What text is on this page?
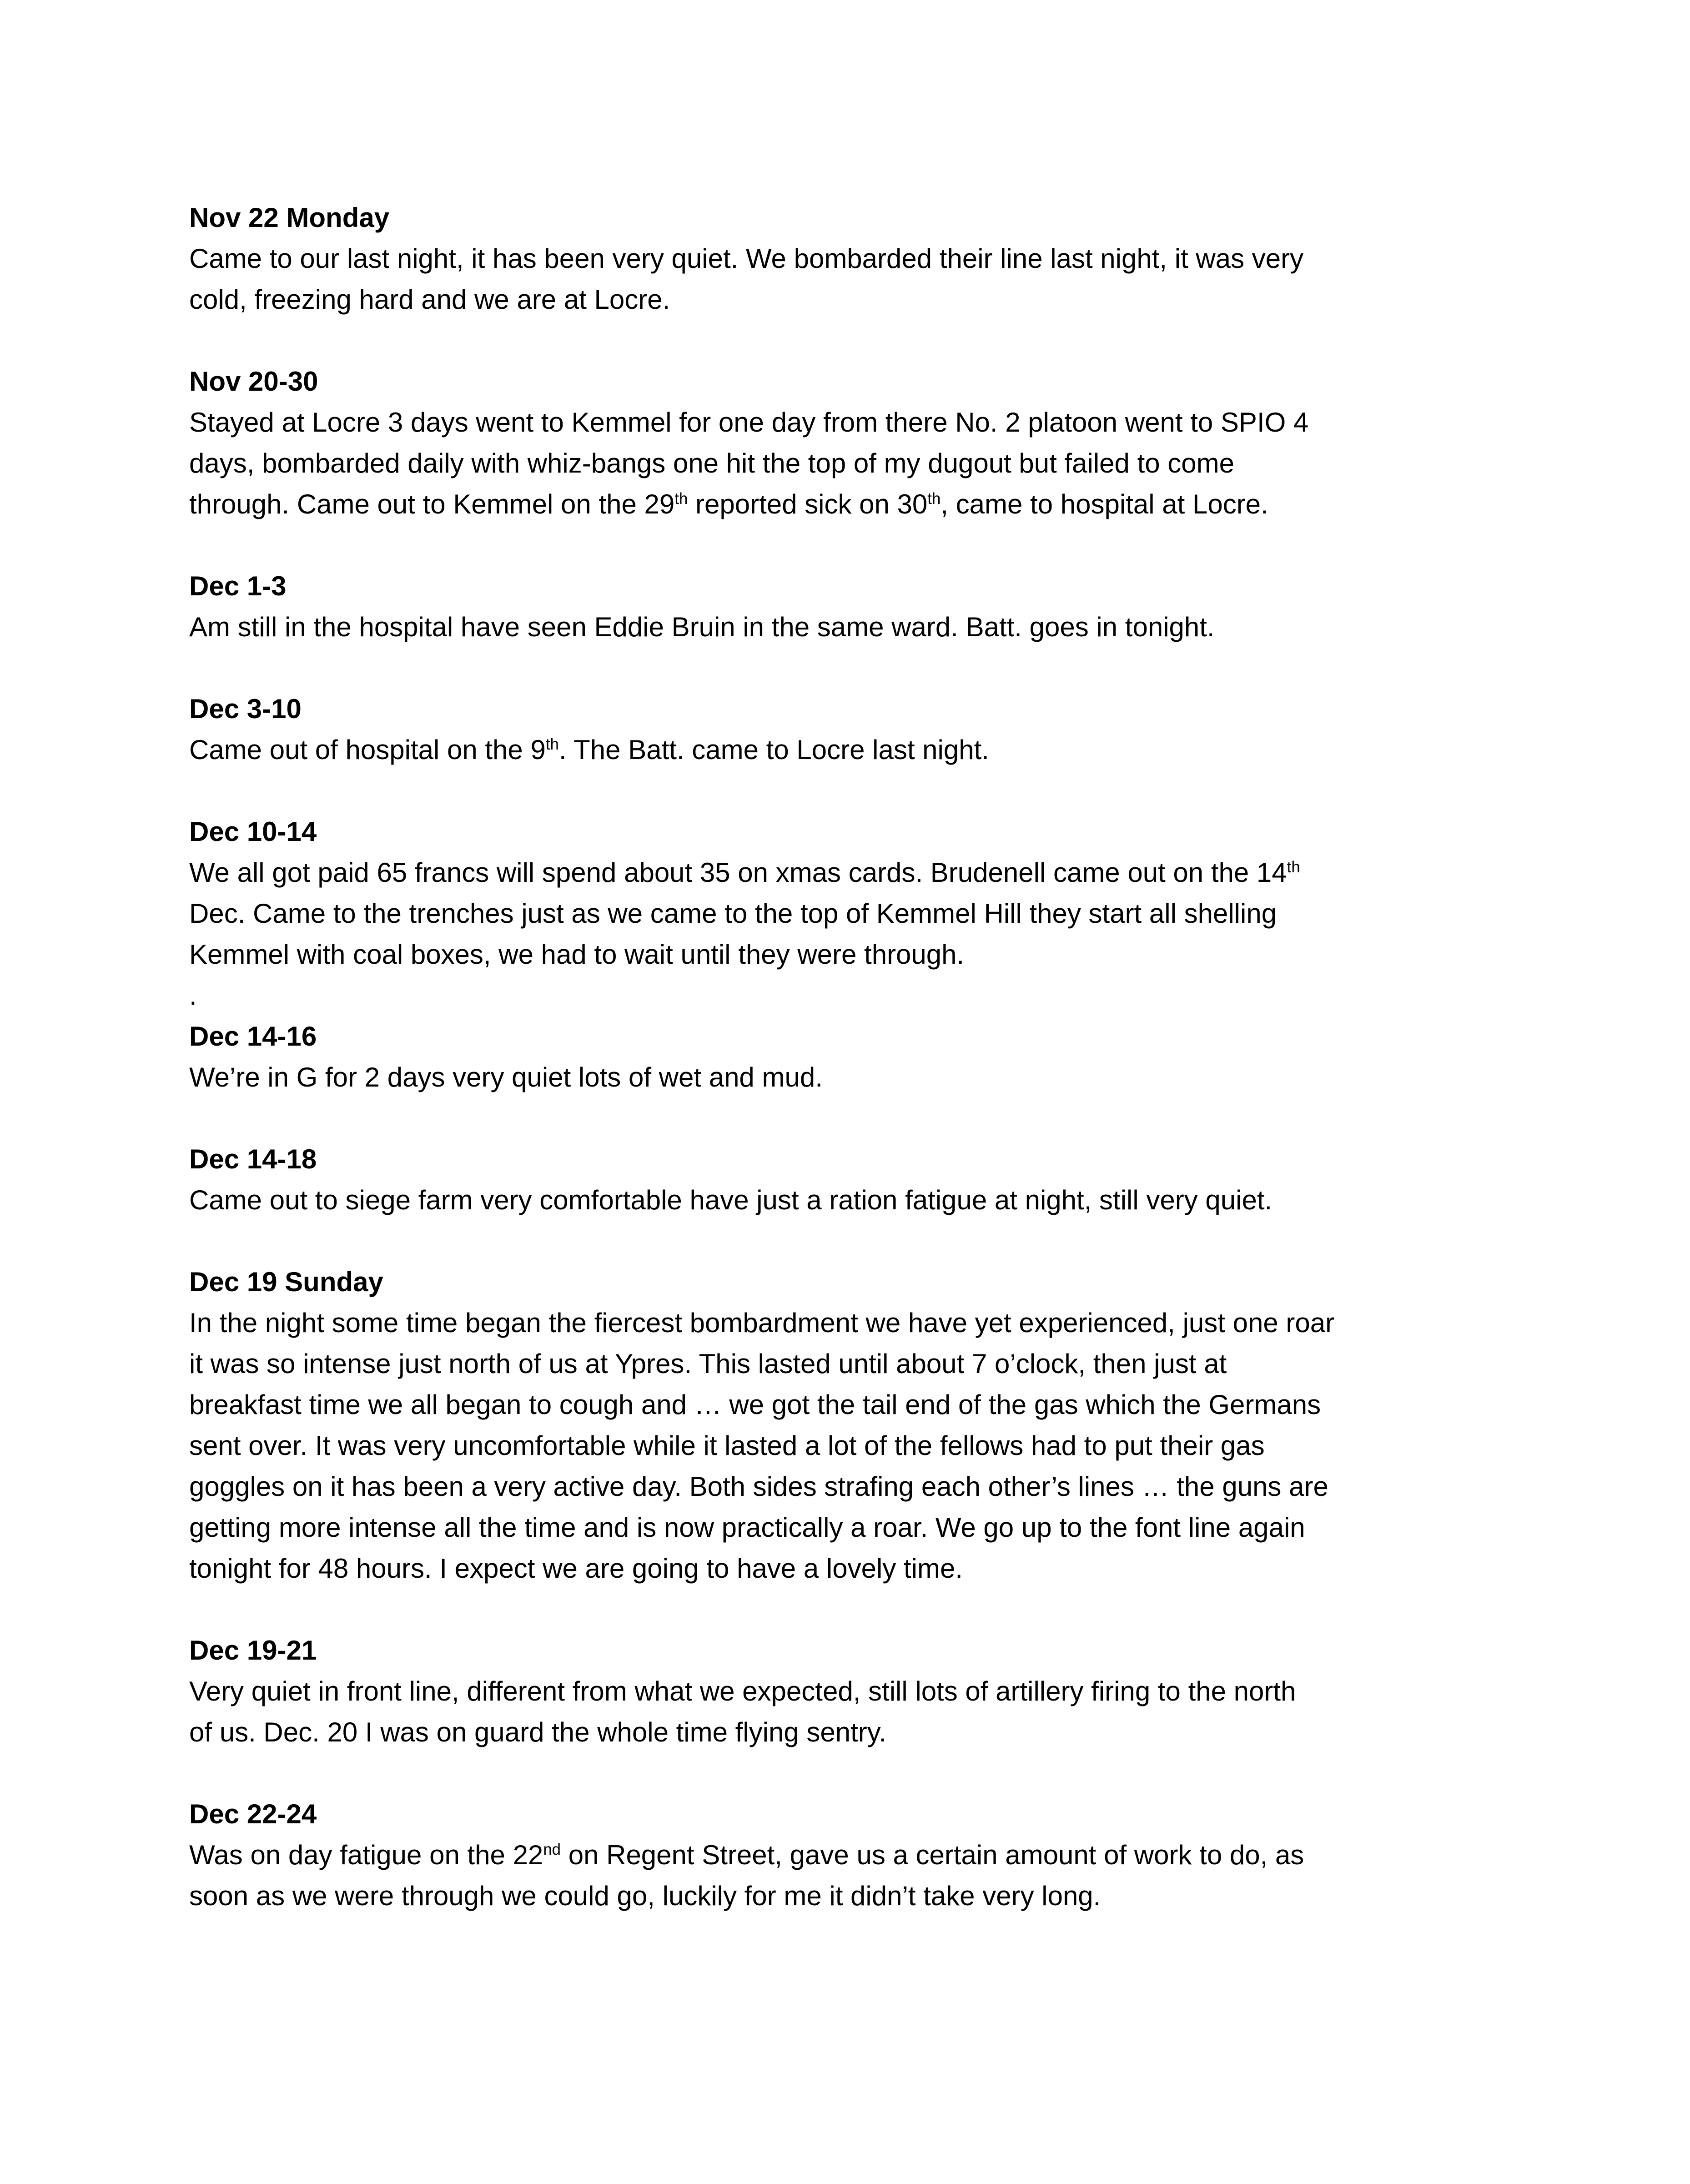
Nov 22 Monday
Came to our last night, it has been very quiet. We bombarded their line last night, it was very
cold, freezing hard and we are at Locre.
Nov 20-30
Stayed at Locre 3 days went to Kemmel for one day from there No. 2 platoon went to SPIO 4
days, bombarded daily with whiz-bangs one hit the top of my dugout but failed to come
through. Came out to Kemmel on the 29th reported sick on 30th, came to hospital at Locre.
Dec 1-3
Am still in the hospital have seen Eddie Bruin in the same ward. Batt. goes in tonight.
Dec 3-10
Came out of hospital on the 9th. The Batt. came to Locre last night.
Dec 10-14
We all got paid 65 francs will spend about 35 on xmas cards. Brudenell came out on the 14th
Dec. Came to the trenches just as we came to the top of Kemmel Hill they start all shelling
Kemmel with coal boxes, we had to wait until they were through.
.
Dec 14-16
We’re in G for 2 days very quiet lots of wet and mud.
Dec 14-18
Came out to siege farm very comfortable have just a ration fatigue at night, still very quiet.
Dec 19 Sunday
In the night some time began the fiercest bombardment we have yet experienced, just one roar
it was so intense just north of us at Ypres. This lasted until about 7 o’clock, then just at
breakfast time we all began to cough and … we got the tail end of the gas which the Germans
sent over. It was very uncomfortable while it lasted a lot of the fellows had to put their gas
goggles on it has been a very active day. Both sides strafing each other’s lines … the guns are
getting more intense all the time and is now practically a roar. We go up to the font line again
tonight for 48 hours. I expect we are going to have a lovely time.
Dec 19-21
Very quiet in front line, different from what we expected, still lots of artillery firing to the north
of us. Dec. 20 I was on guard the whole time flying sentry.
Dec 22-24
Was on day fatigue on the 22nd on Regent Street, gave us a certain amount of work to do, as
soon as we were through we could go, luckily for me it didn’t take very long.
